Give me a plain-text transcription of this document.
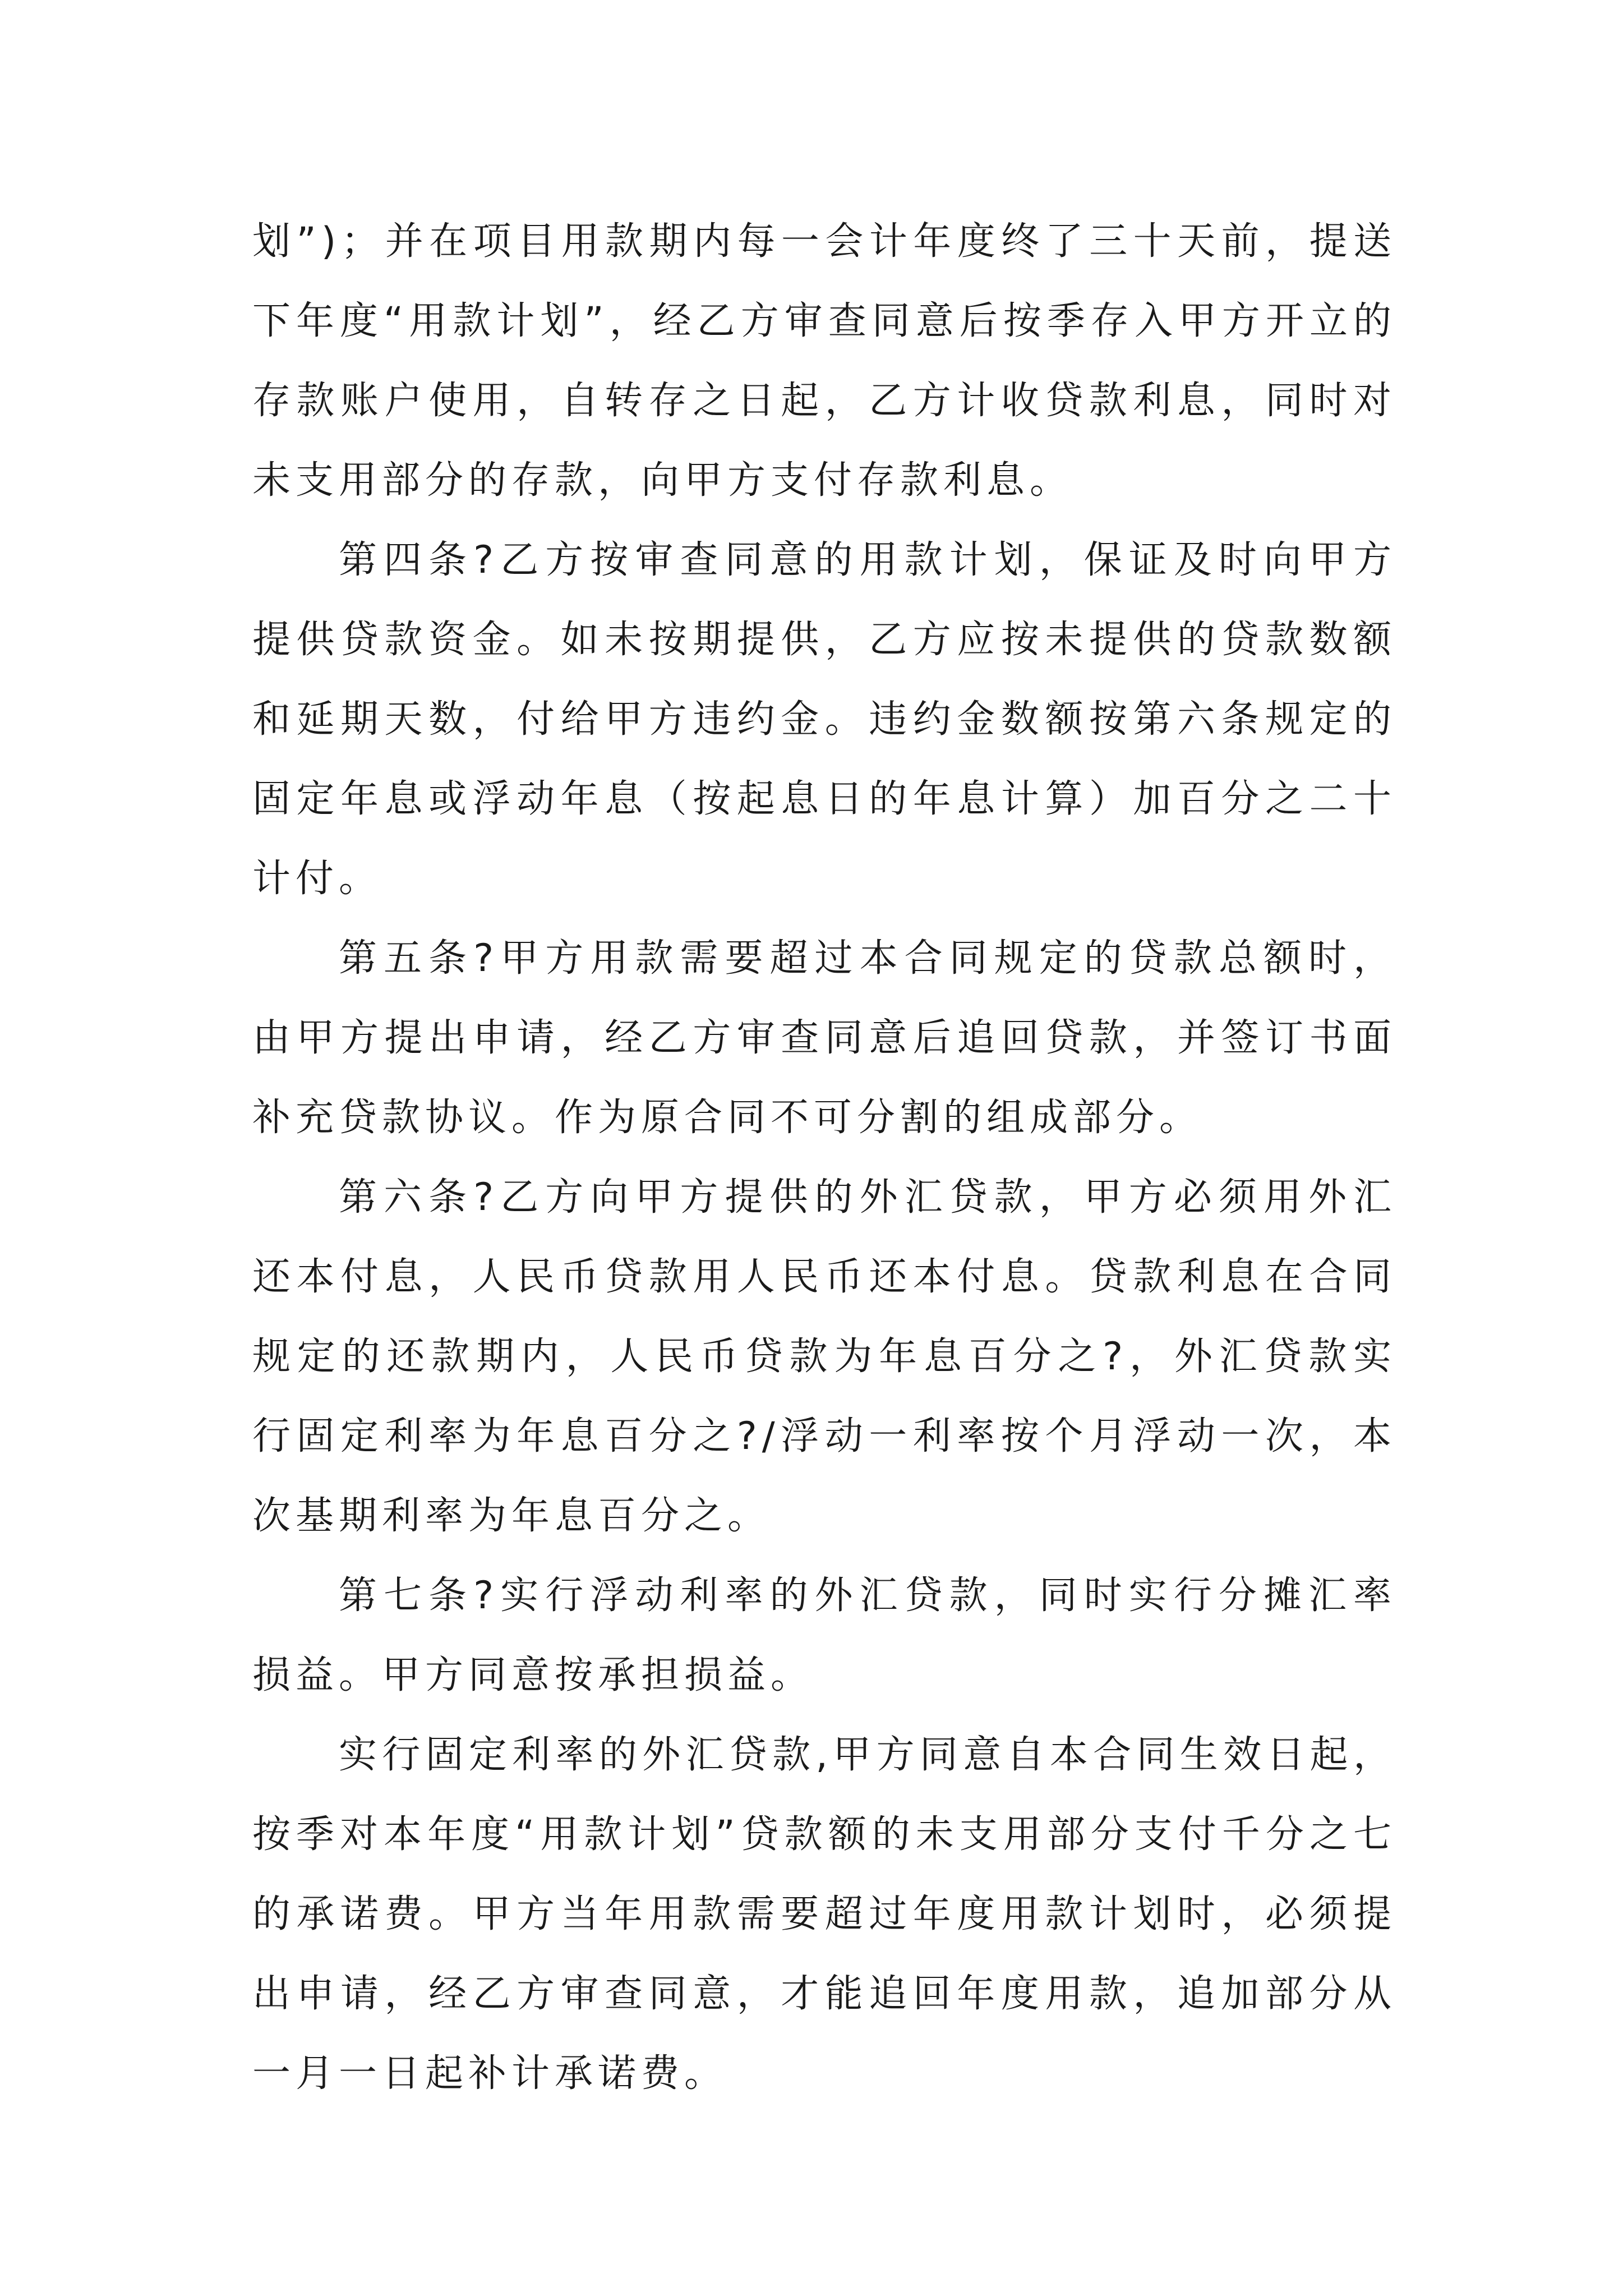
划”)；并在项目用款期内每一会计年度终了三十天前，提送下年度“用款计划”，经乙方审查同意后按季存入甲方开立的存款账户使用，自转存之日起，乙方计收贷款利息，同时对未支用部分的存款，向甲方支付存款利息。

第四条?乙方按审查同意的用款计划，保证及时向甲方提供贷款资金。如未按期提供，乙方应按未提供的贷款数额和延期天数，付给甲方违约金。违约金数额按第六条规定的固定年息或浮动年息（按起息日的年息计算）加百分之二十计付。

第五条?甲方用款需要超过本合同规定的贷款总额时，由甲方提出申请，经乙方审查同意后追回贷款，并签订书面补充贷款协议。作为原合同不可分割的组成部分。

第六条?乙方向甲方提供的外汇贷款，甲方必须用外汇还本付息，人民币贷款用人民币还本付息。贷款利息在合同规定的还款期内，人民币贷款为年息百分之?，外汇贷款实行固定利率为年息百分之?/浮动一利率按个月浮动一次，本次基期利率为年息百分之。

第七条?实行浮动利率的外汇贷款，同时实行分摊汇率损益。甲方同意按承担损益。

实行固定利率的外汇贷款,甲方同意自本合同生效日起，按季对本年度“用款计划”贷款额的未支用部分支付千分之七的承诺费。甲方当年用款需要超过年度用款计划时，必须提出申请，经乙方审查同意，才能追回年度用款，追加部分从一月一日起补计承诺费。
